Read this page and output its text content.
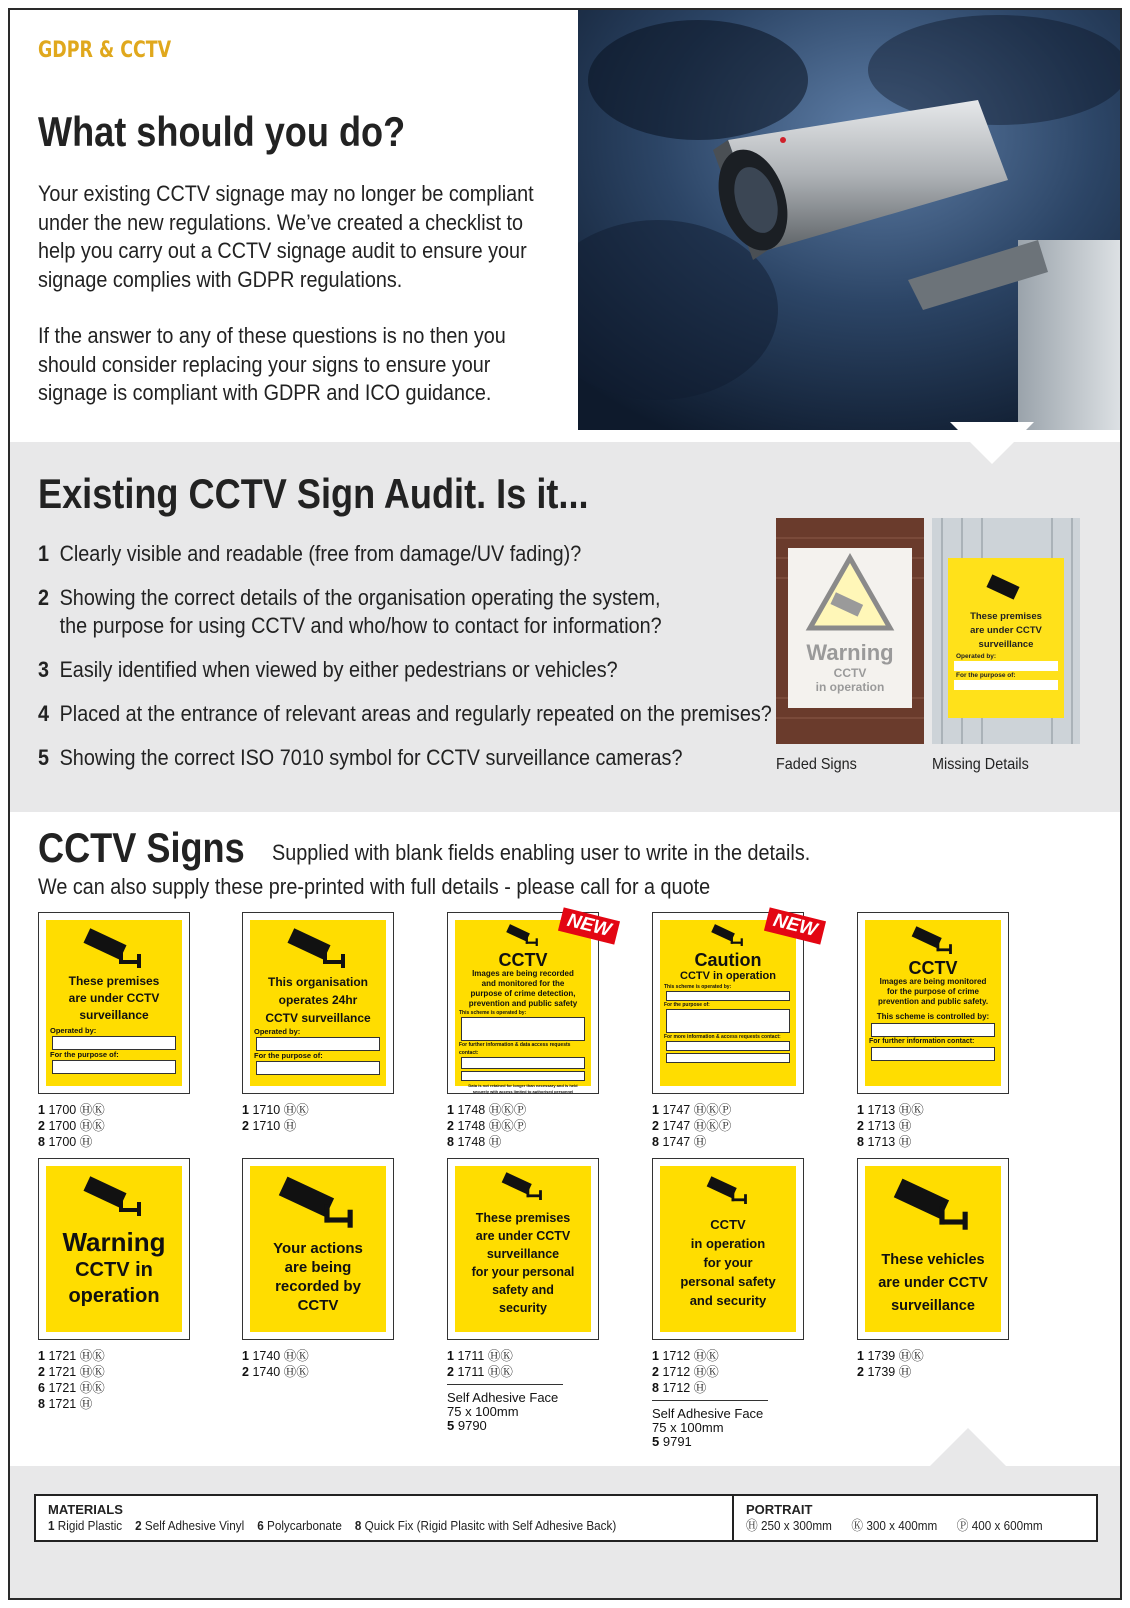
GDPR & CCTV
What should you do?

Your existing CCTV signage may no longer be compliant under the new regulations. We’ve created a checklist to help you carry out a CCTV signage audit to ensure your signage complies with GDPR regulations.

If the answer to any of these questions is no then you should consider replacing your signs to ensure your signage is compliant with GDPR and ICO guidance.

Existing CCTV Sign Audit. Is it...
1 Clearly visible and readable (free from damage/UV fading)?
2 Showing the correct details of the organisation operating the system,
the purpose for using CCTV and who/how to contact for information?
3 Easily identified when viewed by either pedestrians or vehicles?
4 Placed at the entrance of relevant areas and regularly repeated on the premises?
5 Showing the correct ISO 7010 symbol for CCTV surveillance cameras?
Warning
CCTV
in operation
Faded Signs
These premises
are under CCTV
surveillance
Operated by:
For the purpose of:
Missing Details
CCTV Signs Supplied with blank fields enabling user to write in the details.
We can also supply these pre-printed with full details - please call for a quote
These premises
are under CCTV
surveillance
Operated by:
For the purpose of:
1 1700 ⒽⓀ
2 1700 ⒽⓀ
8 1700 Ⓗ
This organisation
operates 24hr
CCTV surveillance
Operated by:
For the purpose of:
1 1710 ⒽⓀ
2 1710 Ⓗ
CCTV
Images are being recorded
and monitored for the
purpose of crime detection,
prevention and public safety
This scheme is operated by:
For further information & data access requests contact:
Data is not retained for longer than necessary and is held securely with access limited to authorised personnel
NEW
1 1748 ⒽⓀⓅ
2 1748 ⒽⓀⓅ
8 1748 Ⓗ
Caution
CCTV in operation
This scheme is operated by:
For the purpose of:
For more information & access requests contact:
NEW
1 1747 ⒽⓀⓅ
2 1747 ⒽⓀⓅ
8 1747 Ⓗ
CCTV
Images are being monitored
for the purpose of crime
prevention and public safety.
This scheme is controlled by:
For further information contact:
1 1713 ⒽⓀ
2 1713 Ⓗ
8 1713 Ⓗ
Warning
CCTV in
operation
1 1721 ⒽⓀ
2 1721 ⒽⓀ
6 1721 ⒽⓀ
8 1721 Ⓗ
Your actions
are being
recorded by
CCTV
1 1740 ⒽⓀ
2 1740 ⒽⓀ
These premises
are under CCTV
surveillance
for your personal
safety and
security
1 1711 ⒽⓀ
2 1711 ⒽⓀ
Self Adhesive Face
75 x 100mm
5 9790
CCTV
in operation
for your
personal safety
and security
1 1712 ⒽⓀ
2 1712 ⒽⓀ
8 1712 Ⓗ
Self Adhesive Face
75 x 100mm
5 9791
These vehicles
are under CCTV
surveillance
1 1739 ⒽⓀ
2 1739 Ⓗ
MATERIALS
1 Rigid Plastic 2 Self Adhesive Vinyl 6 Polycarbonate 8 Quick Fix (Rigid Plasitc with Self Adhesive Back)
PORTRAIT
Ⓗ 250 x 300mm Ⓚ 300 x 400mm Ⓟ 400 x 600mm
